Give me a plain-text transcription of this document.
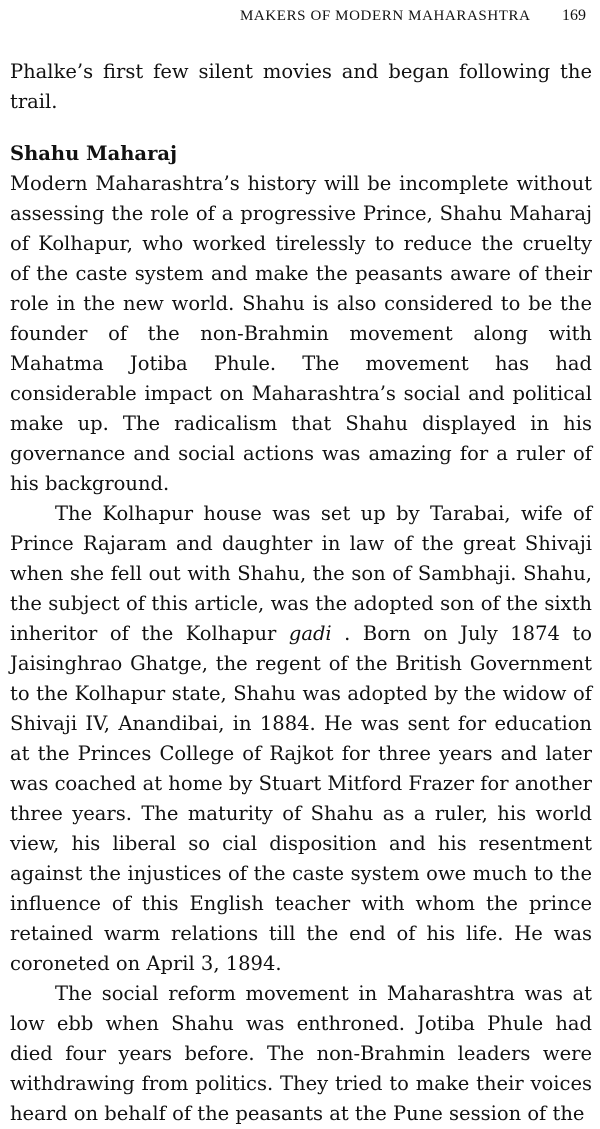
MAKERS OF MODERN MAHARASHTRA 169

Phalke’s first few silent movies and began following the trail.

Shahu Maharaj

Modern Maharashtra’s history will be incomplete without assessing the role of a progressive Prince, Shahu Maharaj of Kolhapur, who worked tirelessly to reduce the cruelty of the caste system and make the peasants aware of their role in the new world. Shahu is also considered to be the founder of the non-Brahmin movement along with Mahatma Jotiba Phule. The movement has had considerable impact on Maharashtra’s social and political make up. The radicalism that Shahu displayed in his governance and social actions was amazing for a ruler of his background.

The Kolhapur house was set up by Tarabai, wife of Prince Rajaram and daughter in law of the great Shivaji when she fell out with Shahu, the son of Sambhaji. Shahu, the subject of this article, was the adopted son of the sixth inheritor of the Kolhapur gadi . Born on July 1874 to Jaisinghrao Ghatge, the regent of the British Government to the Kolhapur state, Shahu was adopted by the widow of Shivaji IV, Anandibai, in 1884. He was sent for education at the Princes College of Rajkot for three years and later was coached at home by Stuart Mitford Frazer for another three years. The maturity of Shahu as a ruler, his world view, his liberal so cial disposition and his resentment against the injustices of the caste system owe much to the influence of this English teacher with whom the prince retained warm relations till the end of his life. He was coroneted on April 3, 1894.

The social reform movement in Maharashtra was at low ebb when Shahu was enthroned. Jotiba Phule had died four years before. The non-Brahmin leaders were withdrawing from politics. They tried to make their voices heard on behalf of the peasants at the Pune session of the
